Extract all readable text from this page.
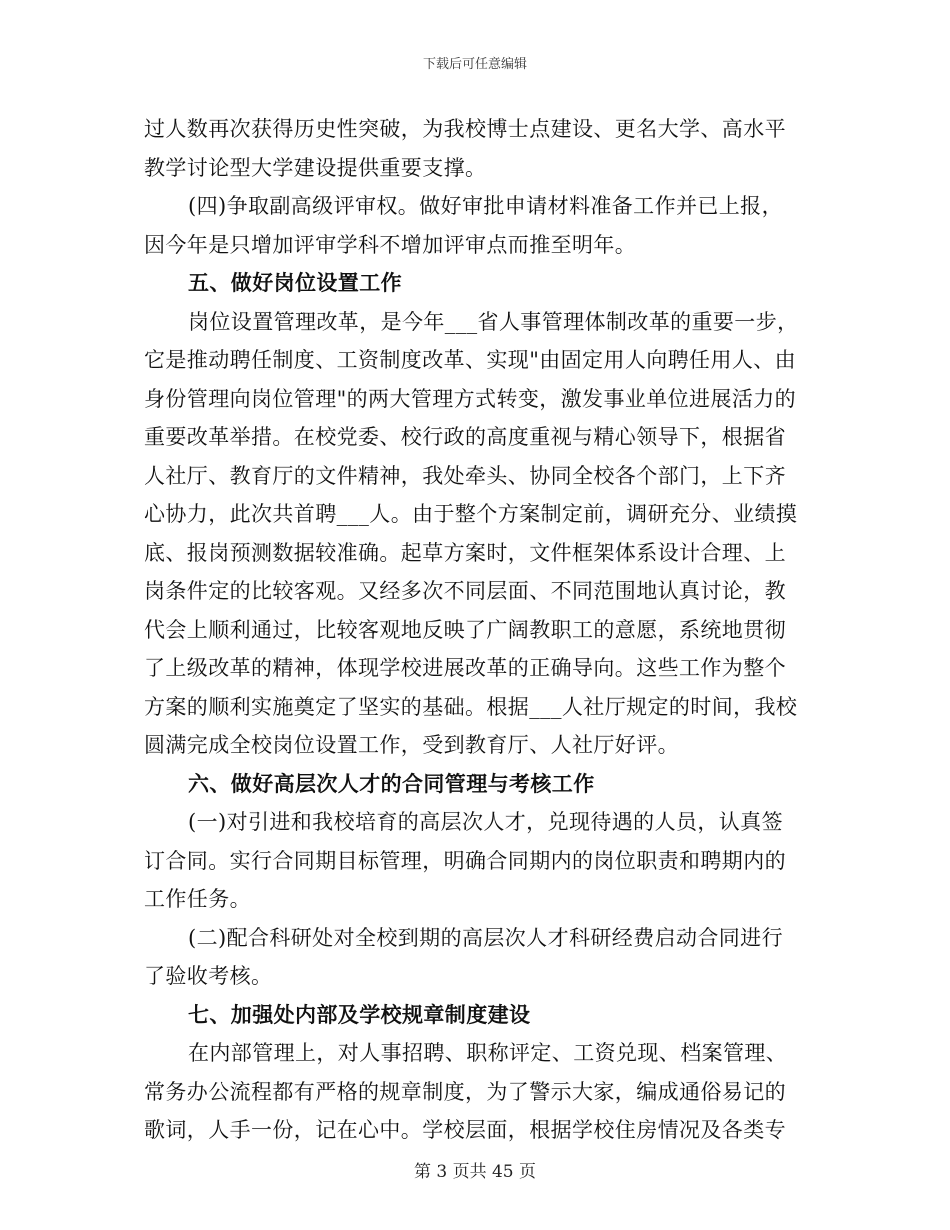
下载后可任意编辑
过人数再次获得历史性突破，为我校博士点建设、更名大学、高水平
教学讨论型大学建设提供重要支撑。
(四)争取副高级评审权。做好审批申请材料准备工作并已上报，
因今年是只增加评审学科不增加评审点而推至明年。
五、做好岗位设置工作
岗位设置管理改革，是今年___省人事管理体制改革的重要一步，
它是推动聘任制度、工资制度改革、实现"由固定用人向聘任用人、由
身份管理向岗位管理"的两大管理方式转变，激发事业单位进展活力的
重要改革举措。在校党委、校行政的高度重视与精心领导下，根据省
人社厅、教育厅的文件精神，我处牵头、协同全校各个部门，上下齐
心协力，此次共首聘___人。由于整个方案制定前，调研充分、业绩摸
底、报岗预测数据较准确。起草方案时，文件框架体系设计合理、上
岗条件定的比较客观。又经多次不同层面、不同范围地认真讨论，教
代会上顺利通过，比较客观地反映了广阔教职工的意愿，系统地贯彻
了上级改革的精神，体现学校进展改革的正确导向。这些工作为整个
方案的顺利实施奠定了坚实的基础。根据___人社厅规定的时间，我校
圆满完成全校岗位设置工作，受到教育厅、人社厅好评。
六、做好高层次人才的合同管理与考核工作
(一)对引进和我校培育的高层次人才，兑现待遇的人员，认真签
订合同。实行合同期目标管理，明确合同期内的岗位职责和聘期内的
工作任务。
(二)配合科研处对全校到期的高层次人才科研经费启动合同进行
了验收考核。
七、加强处内部及学校规章制度建设
在内部管理上，对人事招聘、职称评定、工资兑现、档案管理、
常务办公流程都有严格的规章制度，为了警示大家，编成通俗易记的
歌词，人手一份，记在心中。学校层面，根据学校住房情况及各类专
第 3 页共 45 页
